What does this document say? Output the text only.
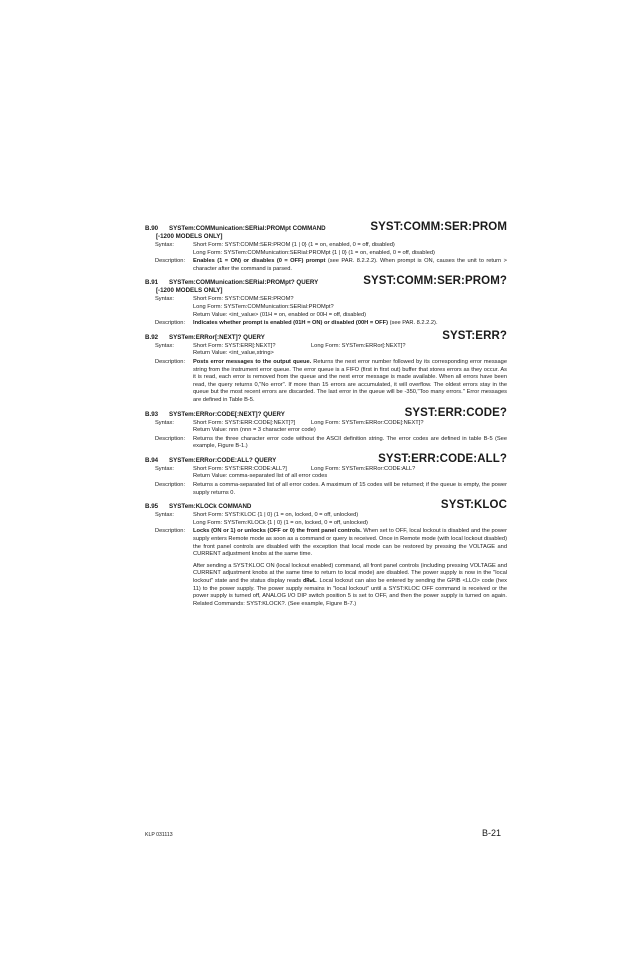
B.90 SYSTem:COMMunication:SERial:PROMpt COMMAND	SYST:COMM:SER:PROM
[-1200 MODELS ONLY]
Syntax:	Short Form: SYST:COMM:SER:PROM {1 | 0} (1 = on, enabled, 0 = off, disabled)
Long Form: SYSTem:COMMunication:SERial:PROMpt {1 | 0} (1 = on, enabled, 0 = off, disabled)
Description:	Enables (1 = ON) or disables (0 = OFF) prompt (see PAR. 8.2.2.2). When prompt is ON, causes the unit to return > character after the command is parsed.
B.91 SYSTem:COMMunication:SERial:PROMpt? QUERY	SYST:COMM:SER:PROM?
[-1200 MODELS ONLY]
Syntax:	Short Form: SYST:COMM:SER:PROM?
Long Form: SYSTem:COMMunication:SERial:PROMpt?
Return Value: <int_value> (01H = on, enabled or 00H = off, disabled)
Description:	Indicates whether prompt is enabled (01H = ON) or disabled (00H = OFF) (see PAR. 8.2.2.2).
B.92 SYSTem:ERRor[:NEXT]? QUERY	SYST:ERR?
Syntax:	Short Form: SYST:ERR[:NEXT]?	Long Form: SYSTem:ERRor[:NEXT]?
Return Value: <int_value,string>
Description:	Posts error messages to the output queue. Returns the next error number followed by its corresponding error message string from the instrument error queue. The error queue is a FIFO (first in first out) buffer that stores errors as they occur. As it is read, each error is removed from the queue and the next error message is made available. When all errors have been read, the query returns 0,"No error". If more than 15 errors are accumulated, it will overflow. The oldest errors stay in the queue but the most recent errors are discarded. The last error in the queue will be -350,"Too many errors." Error messages are defined in Table B-5.
B.93 SYSTem:ERRor:CODE[:NEXT]? QUERY	SYST:ERR:CODE?
Syntax:	Short Form: SYST:ERR:CODE[:NEXT]?]	Long Form: SYSTem:ERRor:CODE[:NEXT]?
Return Value: nnn (nnn = 3 character error code)
Description:	Returns the three character error code without the ASCII definition string. The error codes are defined in table B-5 (See example, Figure B-1.)
B.94 SYSTem:ERRor:CODE:ALL? QUERY	SYST:ERR:CODE:ALL?
Syntax:	Short Form: SYST:ERR:CODE:ALL?]	Long Form: SYSTem:ERRor:CODE:ALL?
Return Value: comma-separated list of all error codes
Description:	Returns a comma-separated list of all error codes. A maximum of 15 codes will be returned; if the queue is empty, the power supply returns 0.
B.95 SYSTem:KLOCk COMMAND	SYST:KLOC
Syntax:	Short Form: SYST:KLOC {1 | 0} (1 = on, locked, 0 = off, unlocked)
Long Form: SYSTem:KLOCk {1 | 0} (1 = on, locked, 0 = off, unlocked)
Description:	Locks (ON or 1) or unlocks (OFF or 0) the front panel controls. When set to OFF, local lockout is disabled and the power supply enters Remote mode as soon as a command or query is received. Once in Remote mode (with local lockout disabled) the front panel controls are disabled with the exception that local mode can be restored by pressing the VOLTAGE and CURRENT adjustment knobs at the same time.
After sending a SYST:KLOC ON (local lockout enabled) command, all front panel controls (including pressing VOLTAGE and CURRENT adjustment knobs at the same time to return to local mode) are disabled. The power supply is now in the "local lockout" state and the status display reads dRwL. Local lockout can also be entered by sending the GPIB <LLO> code (hex 11) to the power supply. The power supply remains in "local lockout" until a SYST:KLOC OFF command is received or the power supply is turned off, ANALOG I/O DIP switch position 5 is set to OFF, and then the power supply is turned on again. Related Commands: SYST:KLOCK?. (See example, Figure B-7.)
KLP 031113	B-21
